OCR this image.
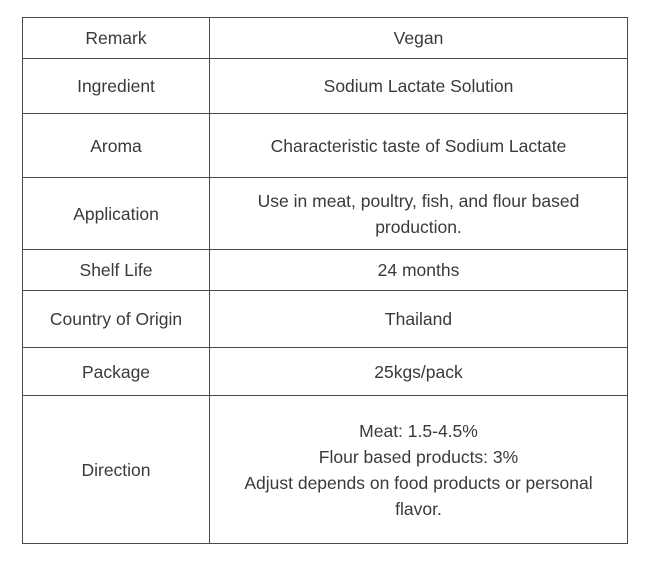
Remark	Vegan

Ingredient	Sodium Lactate Solution

Aroma	Characteristic taste of Sodium Lactate

Application	Use in meat, poultry, fish, and flour based
production.

Shelf Life	24 months

Country of Origin	Thailand

Package	25kgs/pack

Direction	Meat: 1.5-4.5%
Flour based products: 3%
Adjust depends on food products or personal
flavor.
